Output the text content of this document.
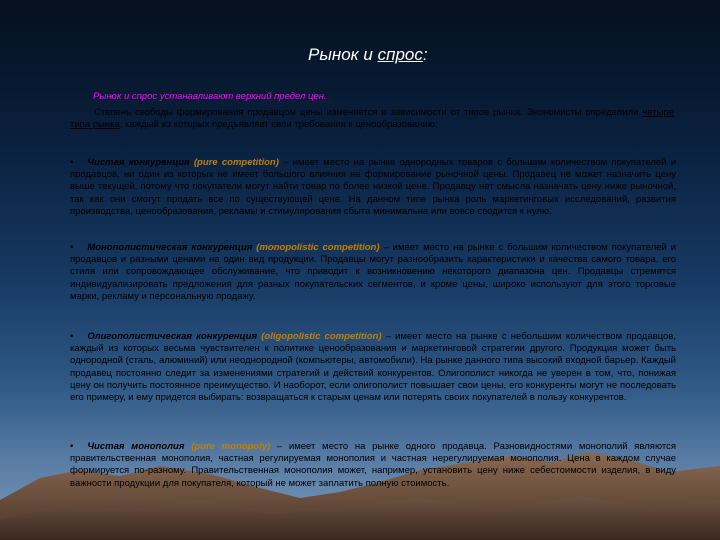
Рынок и спрос:
Рынок и спрос устанавливают верхний предел цен.
Степень свободы формирования продавцом цены изменяется в зависимости от типов рынка. Экономисты определили четыре типа рынка, каждый из которых предъявляет свои требования к ценообразованию:
• Чистая конкуренция (pure competition) – имеет место на рынке однородных товаров с большим количеством покупателей и продавцов, ни один из которых не имеет большого влияния на формирование рыночной цены. Продавец не может назначить цену выше текущей, потому что покупатели могут найти товар по более низкой цене. Продавцу нет смысла назначать цену ниже рыночной, так как они смогут продать все по существующей цене. На данном типе рынка роль маркетинговых исследований, развития производства, ценообразования, рекламы и стимулирования сбыта минимальна или вовсе сводится к нулю.
• Монополистическая конкуренция (monopolistic competition) – имеет место на рынке с большим количеством покупателей и продавцов и разными ценами на один вид продукции. Продавцы могут разнообразить характеристики и качества самого товара, его стиля или сопровождающее обслуживание, что приводит к возникновению некоторого диапазона цен. Продавцы стремятся индивидуализировать предложения для разных покупательских сегментов, и кроме цены, широко используют для этого торговые марки, рекламу и персональную продажу.
• Олигополистическая конкуренция (oligopolistic competition) – имеет место на рынке с небольшим количеством продавцов, каждый из которых весьма чувствителен к политике ценообразования и маркетинговой стратегии другого. Продукция может быть однородной (сталь, алюминий) или неоднородной (компьютеры, автомобили). На рынке данного типа высокий входной барьер. Каждый продавец постоянно следит за изменениями стратегий и действий конкурентов. Олигополист никогда не уверен в том, что, понижая цену он получить постоянное преимущество. И наоборот, если олигополист повышает свои цены, его конкуренты могут не последовать его примеру, и ему придется выбирать: возвращаться к старым ценам или потерять своих покупателей в пользу конкурентов.
• Чистая монополия (pure monopoly) – имеет место на рынке одного продавца. Разновидностями монополий являются правительственная монополия, частная регулируемая монополия и частная нерегулируемая монополия. Цена в каждом случае формируется по-разному. Правительственная монополия может, например, установить цену ниже себестоимости изделия, в виду важности продукции для покупателя, который не может заплатить полную стоимость.
